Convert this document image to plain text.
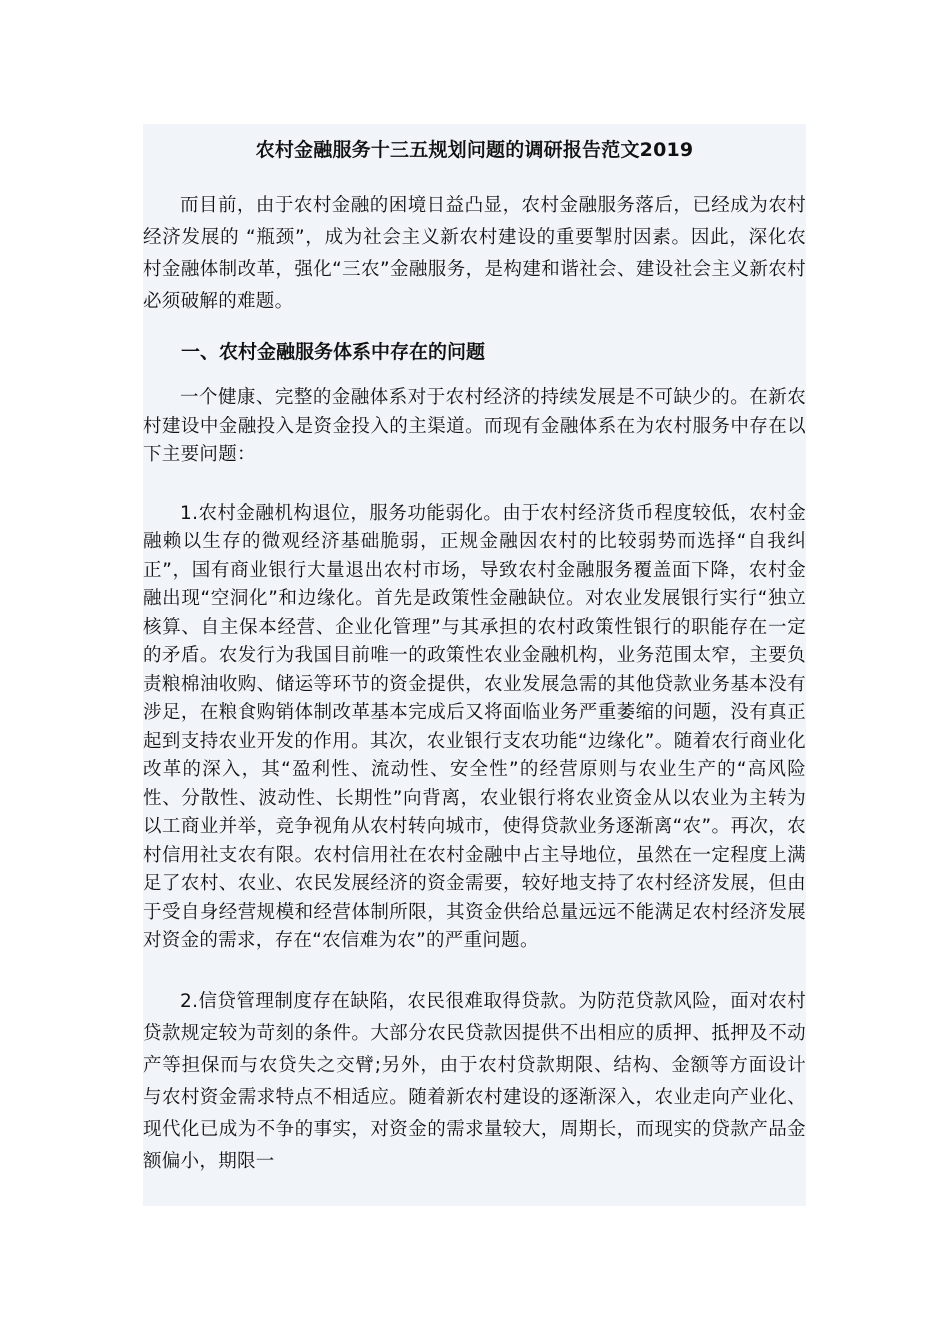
农村金融服务十三五规划问题的调研报告范文2019

而目前，由于农村金融的困境日益凸显，农村金融服务落后，已经成为农村经济发展的 “瓶颈”，成为社会主义新农村建设的重要掣肘因素。因此，深化农村金融体制改革，强化“三农”金融服务，是构建和谐社会、建设社会主义新农村必须破解的难题。

一、农村金融服务体系中存在的问题

一个健康、完整的金融体系对于农村经济的持续发展是不可缺少的。在新农村建设中金融投入是资金投入的主渠道。而现有金融体系在为农村服务中存在以下主要问题：

1.农村金融机构退位，服务功能弱化。由于农村经济货币程度较低，农村金融赖以生存的微观经济基础脆弱，正规金融因农村的比较弱势而选择“自我纠正”，国有商业银行大量退出农村市场，导致农村金融服务覆盖面下降，农村金融出现“空洞化”和边缘化。首先是政策性金融缺位。对农业发展银行实行“独立核算、自主保本经营、企业化管理”与其承担的农村政策性银行的职能存在一定的矛盾。农发行为我国目前唯一的政策性农业金融机构，业务范围太窄，主要负责粮棉油收购、储运等环节的资金提供，农业发展急需的其他贷款业务基本没有涉足，在粮食购销体制改革基本完成后又将面临业务严重萎缩的问题，没有真正起到支持农业开发的作用。其次，农业银行支农功能“边缘化”。随着农行商业化改革的深入，其“盈利性、流动性、安全性”的经营原则与农业生产的“高风险性、分散性、波动性、长期性”向背离，农业银行将农业资金从以农业为主转为以工商业并举，竞争视角从农村转向城市，使得贷款业务逐渐离“农”。再次，农村信用社支农有限。农村信用社在农村金融中占主导地位，虽然在一定程度上满足了农村、农业、农民发展经济的资金需要，较好地支持了农村经济发展，但由于受自身经营规模和经营体制所限，其资金供给总量远远不能满足农村经济发展对资金的需求，存在“农信难为农”的严重问题。

2.信贷管理制度存在缺陷，农民很难取得贷款。为防范贷款风险，面对农村贷款规定较为苛刻的条件。大部分农民贷款因提供不出相应的质押、抵押及不动产等担保而与农贷失之交臂;另外，由于农村贷款期限、结构、金额等方面设计与农村资金需求特点不相适应。随着新农村建设的逐渐深入，农业走向产业化、现代化已成为不争的事实，对资金的需求量较大，周期长，而现实的贷款产品金额偏小，期限一
